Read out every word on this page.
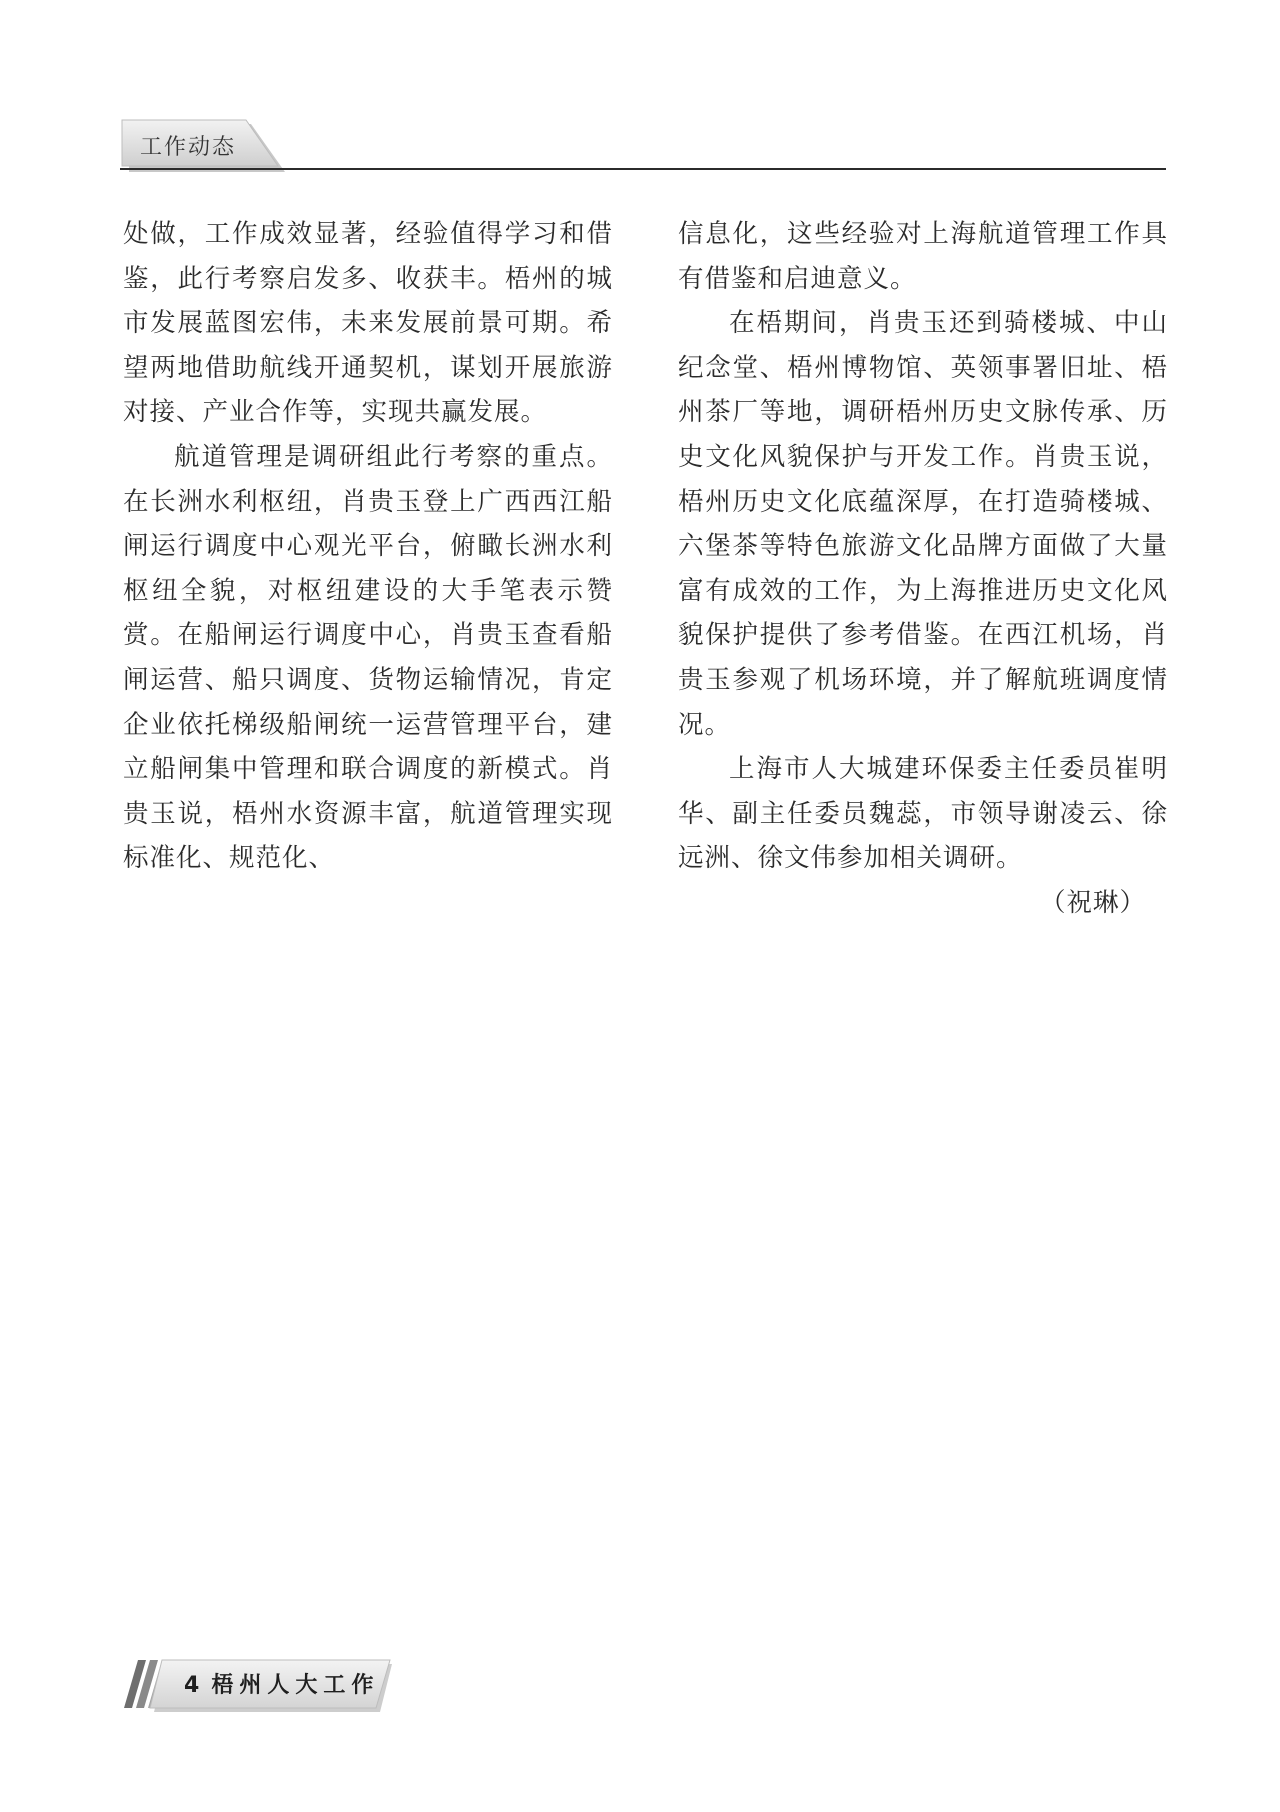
工作动态

处做，工作成效显著，经验值得学习和借鉴，此行考察启发多、收获丰。梧州的城市发展蓝图宏伟，未来发展前景可期。希望两地借助航线开通契机，谋划开展旅游对接、产业合作等，实现共赢发展。

航道管理是调研组此行考察的重点。在长洲水利枢纽，肖贵玉登上广西西江船闸运行调度中心观光平台，俯瞰长洲水利枢纽全貌，对枢纽建设的大手笔表示赞赏。在船闸运行调度中心，肖贵玉查看船闸运营、船只调度、货物运输情况，肯定企业依托梯级船闸统一运营管理平台，建立船闸集中管理和联合调度的新模式。肖贵玉说，梧州水资源丰富，航道管理实现标准化、规范化、

信息化，这些经验对上海航道管理工作具有借鉴和启迪意义。

在梧期间，肖贵玉还到骑楼城、中山纪念堂、梧州博物馆、英领事署旧址、梧州茶厂等地，调研梧州历史文脉传承、历史文化风貌保护与开发工作。肖贵玉说，梧州历史文化底蕴深厚，在打造骑楼城、六堡茶等特色旅游文化品牌方面做了大量富有成效的工作，为上海推进历史文化风貌保护提供了参考借鉴。在西江机场，肖贵玉参观了机场环境，并了解航班调度情况。

上海市人大城建环保委主任委员崔明华、副主任委员魏蕊，市领导谢凌云、徐远洲、徐文伟参加相关调研。

（祝琳）

4 梧州人大工作
